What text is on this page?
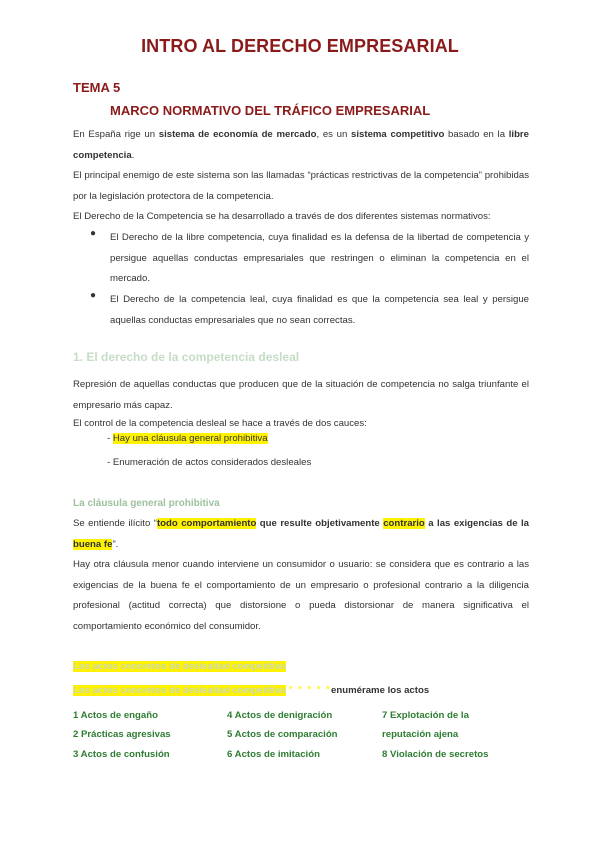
INTRO AL DERECHO EMPRESARIAL
TEMA 5
MARCO NORMATIVO DEL TRÁFICO EMPRESARIAL
En España rige un sistema de economía de mercado, es un sistema competitivo basado en la libre competencia.
El principal enemigo de este sistema son las llamadas “prácticas restrictivas de la competencia” prohibidas por la legislación protectora de la competencia.
El Derecho de la Competencia se ha desarrollado a través de dos diferentes sistemas normativos:
● El Derecho de la libre competencia, cuya finalidad es la defensa de la libertad de competencia y persigue aquellas conductas empresariales que restringen o eliminan la competencia en el mercado.
● El Derecho de la competencia leal, cuya finalidad es que la competencia sea leal y persigue aquellas conductas empresariales que no sean correctas.
1. El derecho de la competencia desleal
Represión de aquellas conductas que producen que de la situación de competencia no salga triunfante el empresario más capaz.
El control de la competencia desleal se hace a través de dos cauces:
- Hay una cláusula general prohibitiva
- Enumeración de actos considerados desleales
La cláusula general prohibitiva
Se entiende ilícito “todo comportamiento que resulte objetivamente contrario a las exigencias de la buena fe”.
Hay otra cláusula menor cuando interviene un consumidor o usuario: se considera que es contrario a las exigencias de la buena fe el comportamiento de un empresario o profesional contrario a la diligencia profesional (actitud correcta) que distorsione o pueda distorsionar de manera significativa el comportamiento económico del consumidor.
Los actos concretos de deslealtad competitiva
Los actos concretos de deslealtad competitiva * * * * *enumérame los actos
1 Actos de engaño
2 Prácticas agresivas
3 Actos de confusión
4 Actos de denigración
5 Actos de comparación
6 Actos de imitación
7 Explotación de la
reputación ajena
8 Violación de secretos
